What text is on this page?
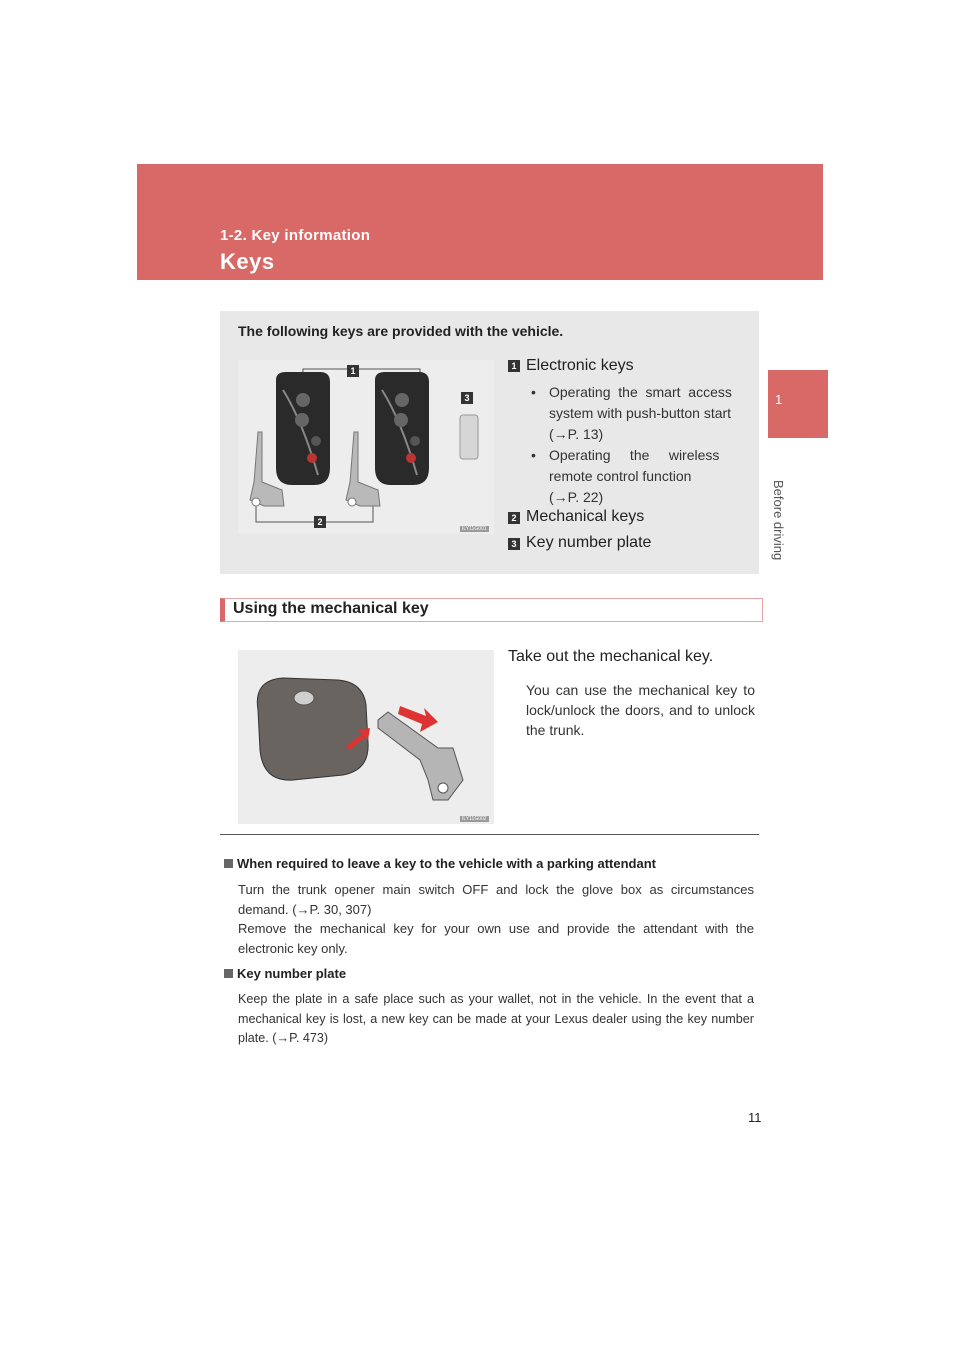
1-2. Key information
Keys
1
Before driving
The following keys are provided with the vehicle.
1
2
3
ILY11G001
1 Electronic keys
• Operating  the  smart  access
system with push-button start
(→P. 13)
• Operating     the     wireless
remote control function
(→P. 22)
2 Mechanical keys
3 Key number plate
Using the mechanical key
ILY11G002
Take out the mechanical key.
You can use the mechanical key to lock/unlock the doors, and to unlock the trunk.
When required to leave a key to the vehicle with a parking attendant
Turn the trunk opener main switch OFF and lock the glove box as circumstances demand. (→P. 30, 307)
Remove the mechanical key for your own use and provide the attendant with the electronic key only.
Key number plate
Keep the plate in a safe place such as your wallet, not in the vehicle. In the event that a mechanical key is lost, a new key can be made at your Lexus dealer using the key number plate. (→P. 473)
11
